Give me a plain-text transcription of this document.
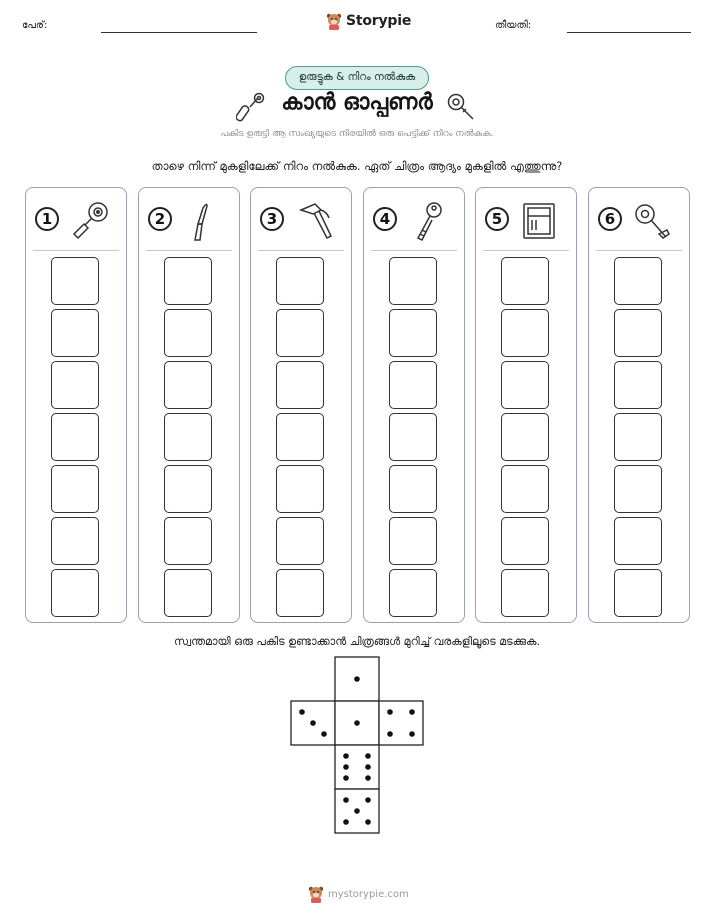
പേര്:	Storypie	തീയതി:
ഉരുട്ടുക & നിറം നൽകുക
കാൻ ഓപ്പണർ
പകിട ഉരുട്ടി ആ സംഖ്യയുടെ നിരയിൽ ഒരു പെട്ടിക്ക് നിറം നൽകുക.
താഴെ നിന്ന് മുകളിലേക്ക് നിറം നൽകുക. ഏത് ചിത്രം ആദ്യം മുകളിൽ എത്തുന്നു?
1	2	3	4	5	6
സ്വന്തമായി ഒരു പകിട ഉണ്ടാക്കാൻ ചിത്രങ്ങൾ മുറിച്ച് വരകളിലൂടെ മടക്കുക.
mystorypie.com
